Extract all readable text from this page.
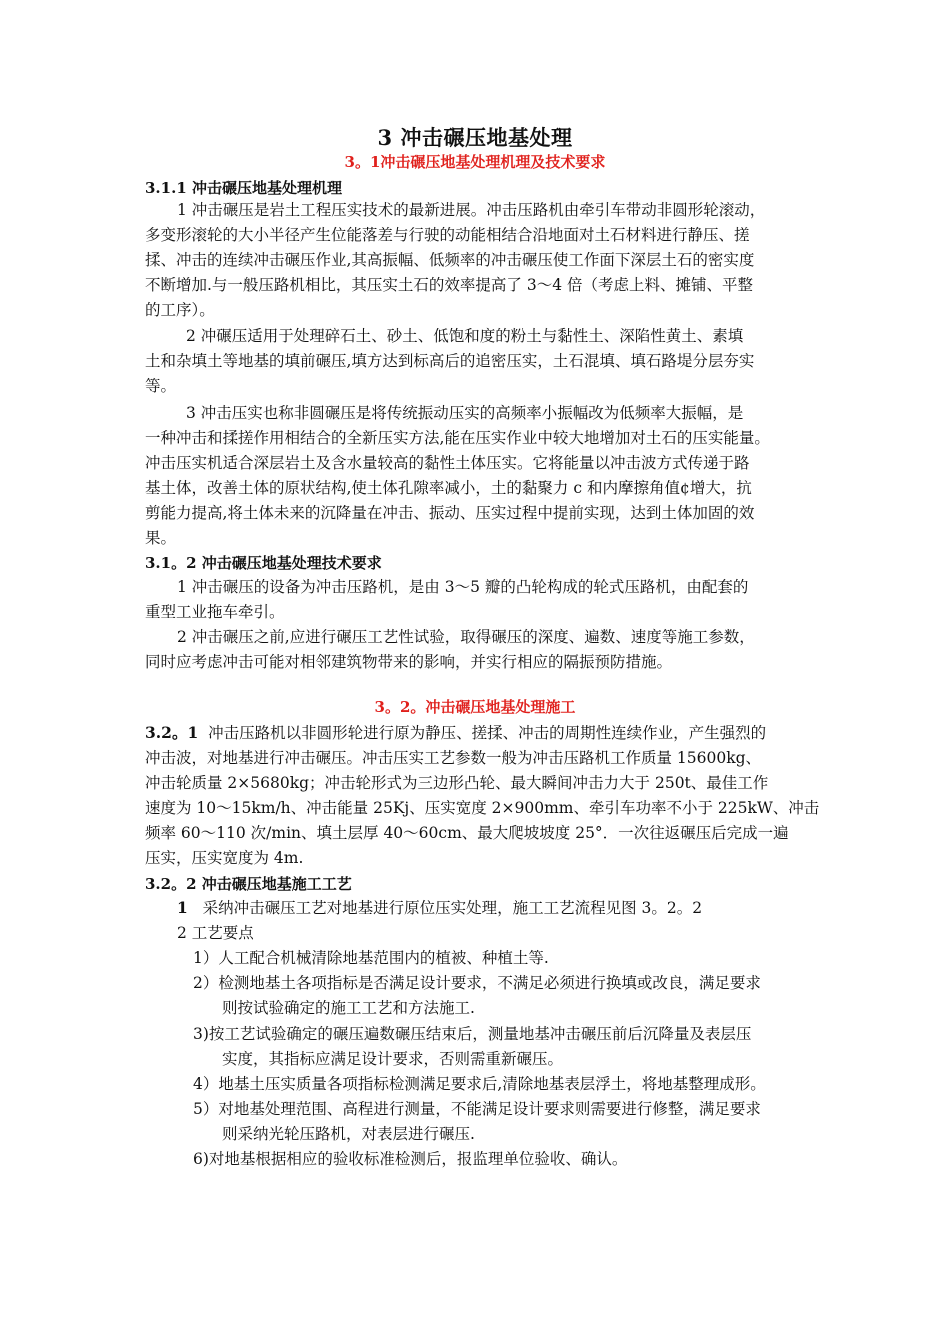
3 冲击碾压地基处理
3。1冲击碾压地基处理机理及技术要求
3.1.1 冲击碾压地基处理机理
1 冲击碾压是岩土工程压实技术的最新进展。冲击压路机由牵引车带动非圆形轮滚动，
多变形滚轮的大小半径产生位能落差与行驶的动能相结合沿地面对土石材料进行静压、搓
揉、冲击的连续冲击碾压作业,其高振幅、低频率的冲击碾压使工作面下深层土石的密实度
不断增加.与一般压路机相比，其压实土石的效率提高了 3～4 倍（考虑上料、摊铺、平整
的工序）。
2 冲碾压适用于处理碎石土、砂土、低饱和度的粉土与黏性土、深陷性黄土、素填
土和杂填土等地基的填前碾压,填方达到标高后的追密压实，土石混填、填石路堤分层夯实
等。
3 冲击压实也称非圆碾压是将传统振动压实的高频率小振幅改为低频率大振幅，是
一种冲击和揉搓作用相结合的全新压实方法,能在压实作业中较大地增加对土石的压实能量。
冲击压实机适合深层岩土及含水量较高的黏性土体压实。它将能量以冲击波方式传递于路
基土体，改善土体的原状结构,使土体孔隙率减小，土的黏聚力 c 和内摩擦角值¢增大，抗
剪能力提高,将土体未来的沉降量在冲击、振动、压实过程中提前实现，达到土体加固的效
果。
3.1。2 冲击碾压地基处理技术要求
1 冲击碾压的设备为冲击压路机，是由 3～5 瓣的凸轮构成的轮式压路机，由配套的
重型工业拖车牵引。
2 冲击碾压之前,应进行碾压工艺性试验，取得碾压的深度、遍数、速度等施工参数，
同时应考虑冲击可能对相邻建筑物带来的影响，并实行相应的隔振预防措施。
3。2。冲击碾压地基处理施工
3.2。1 冲击压路机以非圆形轮进行原为静压、搓揉、冲击的周期性连续作业，产生强烈的
冲击波，对地基进行冲击碾压。冲击压实工艺参数一般为冲击压路机工作质量 15600kg、
冲击轮质量 2×5680kg；冲击轮形式为三边形凸轮、最大瞬间冲击力大于 250t、最佳工作
速度为 10～15km/h、冲击能量 25Kj、压实宽度 2×900mm、牵引车功率不小于 225kW、冲击
频率 60～110 次/min、填土层厚 40～60cm、最大爬坡坡度 25°．一次往返碾压后完成一遍
压实，压实宽度为 4m.
3.2。2 冲击碾压地基施工工艺
1 采纳冲击碾压工艺对地基进行原位压实处理，施工工艺流程见图 3。2。2
2 工艺要点
1）人工配合机械清除地基范围内的植被、种植土等.
2）检测地基土各项指标是否满足设计要求，不满足必须进行换填或改良，满足要求
则按试验确定的施工工艺和方法施工.
3)按工艺试验确定的碾压遍数碾压结束后，测量地基冲击碾压前后沉降量及表层压
实度，其指标应满足设计要求，否则需重新碾压。
4）地基土压实质量各项指标检测满足要求后,清除地基表层浮土，将地基整理成形。
5）对地基处理范围、高程进行测量，不能满足设计要求则需要进行修整，满足要求
则采纳光轮压路机，对表层进行碾压.
6)对地基根据相应的验收标准检测后，报监理单位验收、确认。
